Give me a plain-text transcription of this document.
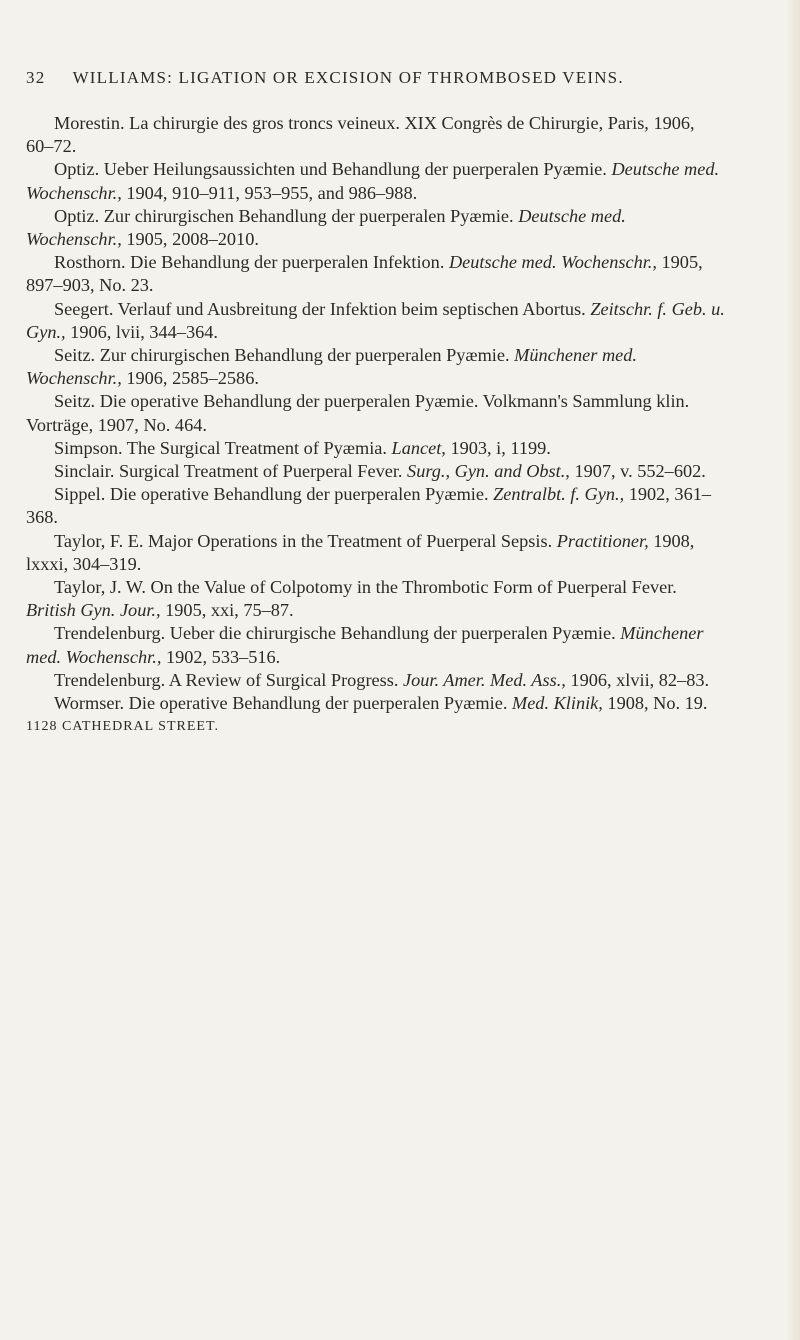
32 WILLIAMS: LIGATION OR EXCISION OF THROMBOSED VEINS.

Morestin. La chirurgie des gros troncs veineux. XIX Congrès de Chirurgie, Paris, 1906, 60–72.

Optiz. Ueber Heilungsaussichten und Behandlung der puerperalen Pyæmie. Deutsche med. Wochenschr., 1904, 910–911, 953–955, and 986–988.

Optiz. Zur chirurgischen Behandlung der puerperalen Pyæmie. Deutsche med. Wochenschr., 1905, 2008–2010.

Rosthorn. Die Behandlung der puerperalen Infektion. Deutsche med. Wochenschr., 1905, 897–903, No. 23.

Seegert. Verlauf und Ausbreitung der Infektion beim septischen Abortus. Zeitschr. f. Geb. u. Gyn., 1906, lvii, 344–364.

Seitz. Zur chirurgischen Behandlung der puerperalen Pyæmie. Münchener med. Wochenschr., 1906, 2585–2586.

Seitz. Die operative Behandlung der puerperalen Pyæmie. Volkmann's Sammlung klin. Vorträge, 1907, No. 464.

Simpson. The Surgical Treatment of Pyæmia. Lancet, 1903, i, 1199.

Sinclair. Surgical Treatment of Puerperal Fever. Surg., Gyn. and Obst., 1907, v. 552–602.

Sippel. Die operative Behandlung der puerperalen Pyæmie. Zentralbt. f. Gyn., 1902, 361–368.

Taylor, F. E. Major Operations in the Treatment of Puerperal Sepsis. Practitioner, 1908, lxxxi, 304–319.

Taylor, J. W. On the Value of Colpotomy in the Thrombotic Form of Puerperal Fever. British Gyn. Jour., 1905, xxi, 75–87.

Trendelenburg. Ueber die chirurgische Behandlung der puerperalen Pyæmie. Münchener med. Wochenschr., 1902, 533–516.

Trendelenburg. A Review of Surgical Progress. Jour. Amer. Med. Ass., 1906, xlvii, 82–83.

Wormser. Die operative Behandlung der puerperalen Pyæmie. Med. Klinik, 1908, No. 19.

1128 CATHEDRAL STREET.
